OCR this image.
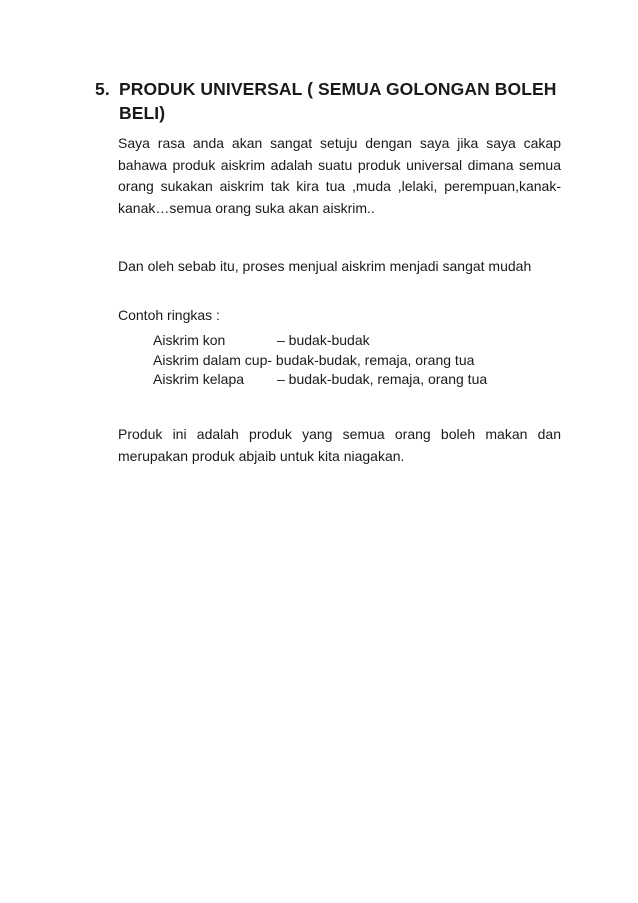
5. PRODUK UNIVERSAL ( SEMUA GOLONGAN BOLEH
BELI)

Saya rasa anda akan sangat setuju dengan saya jika saya cakap bahawa produk aiskrim adalah suatu produk universal dimana semua orang sukakan aiskrim tak kira tua ,muda ,lelaki, perempuan,kanak-kanak…semua orang suka akan aiskrim..

Dan oleh sebab itu, proses menjual aiskrim menjadi sangat mudah

Contoh ringkas :

Aiskrim kon	– budak-budak
Aiskrim dalam cup - budak-budak, remaja, orang tua
Aiskrim kelapa	– budak-budak, remaja, orang tua

Produk ini adalah produk yang semua orang boleh makan dan merupakan produk abjaib untuk kita niagakan.
